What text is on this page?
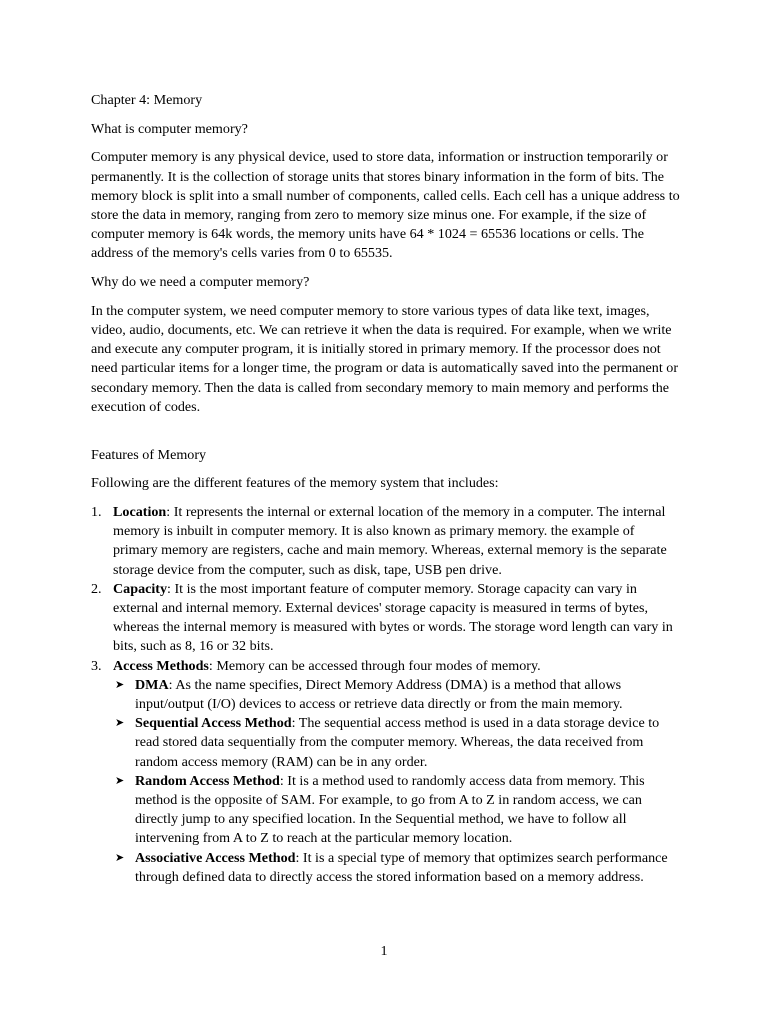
Chapter 4: Memory

What is computer memory?

Computer memory is any physical device, used to store data, information or instruction temporarily or permanently. It is the collection of storage units that stores binary information in the form of bits. The memory block is split into a small number of components, called cells. Each cell has a unique address to store the data in memory, ranging from zero to memory size minus one. For example, if the size of computer memory is 64k words, the memory units have 64 * 1024 = 65536 locations or cells. The address of the memory's cells varies from 0 to 65535.

Why do we need a computer memory?

In the computer system, we need computer memory to store various types of data like text, images, video, audio, documents, etc. We can retrieve it when the data is required. For example, when we write and execute any computer program, it is initially stored in primary memory. If the processor does not need particular items for a longer time, the program or data is automatically saved into the permanent or secondary memory. Then the data is called from secondary memory to main memory and performs the execution of codes.

Features of Memory

Following are the different features of the memory system that includes:

1. Location: It represents the internal or external location of the memory in a computer. The internal memory is inbuilt in computer memory. It is also known as primary memory. the example of primary memory are registers, cache and main memory. Whereas, external memory is the separate storage device from the computer, such as disk, tape, USB pen drive.
2. Capacity: It is the most important feature of computer memory. Storage capacity can vary in external and internal memory. External devices' storage capacity is measured in terms of bytes, whereas the internal memory is measured with bytes or words. The storage word length can vary in bits, such as 8, 16 or 32 bits.
3. Access Methods: Memory can be accessed through four modes of memory.
➤ DMA: As the name specifies, Direct Memory Address (DMA) is a method that allows input/output (I/O) devices to access or retrieve data directly or from the main memory.
➤ Sequential Access Method: The sequential access method is used in a data storage device to read stored data sequentially from the computer memory. Whereas, the data received from random access memory (RAM) can be in any order.
➤ Random Access Method: It is a method used to randomly access data from memory. This method is the opposite of SAM. For example, to go from A to Z in random access, we can directly jump to any specified location. In the Sequential method, we have to follow all intervening from A to Z to reach at the particular memory location.
➤ Associative Access Method: It is a special type of memory that optimizes search performance through defined data to directly access the stored information based on a memory address.
1
